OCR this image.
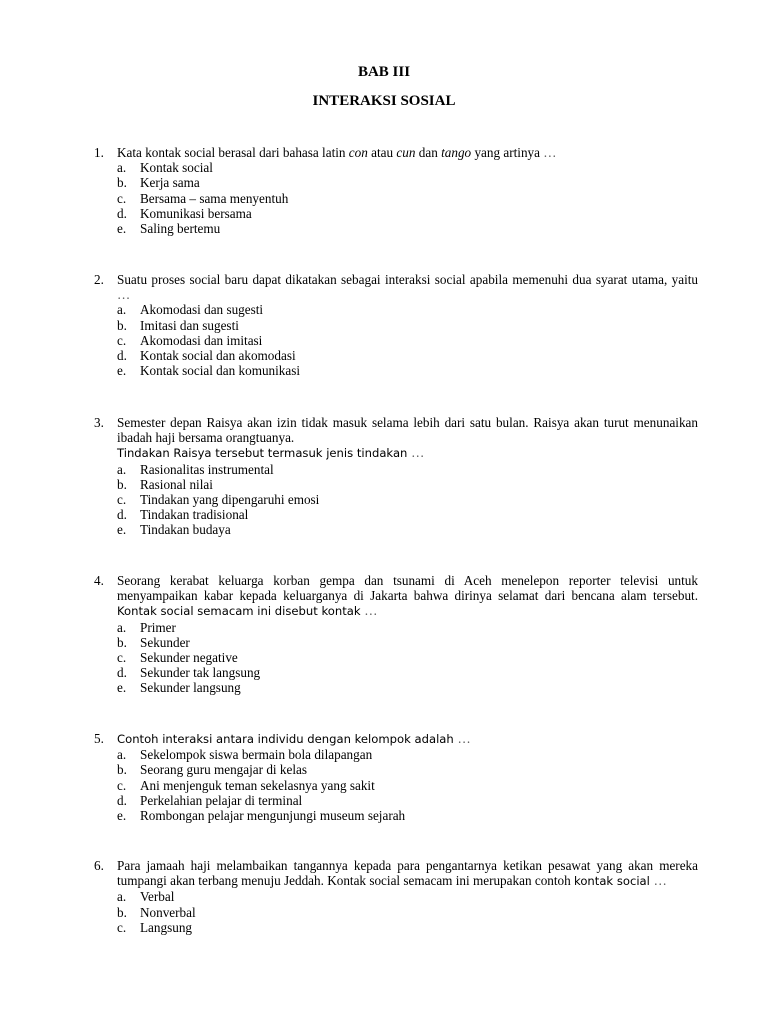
BAB III
INTERAKSI SOSIAL
1. Kata kontak social berasal dari bahasa latin con atau cun dan tango yang artinya …

a.	Kontak social
b. Kerja sama
c.	Bersama – sama menyentuh
d. Komunikasi bersama
e.	Saling bertemu
2. Suatu proses social baru dapat dikatakan sebagai interaksi social apabila memenuhi dua syarat utama, yaitu …

a.	Akomodasi dan sugesti
b. Imitasi dan sugesti
c.	Akomodasi dan imitasi
d. Kontak social dan akomodasi
e.	Kontak social dan komunikasi
3. Semester depan Raisya akan izin tidak masuk selama lebih dari satu bulan. Raisya akan turut menunaikan ibadah haji bersama orangtuanya.
Tindakan Raisya tersebut termasuk jenis tindakan …
a.	Rasionalitas instrumental
b. Rasional nilai
c.	Tindakan yang dipengaruhi emosi
d. Tindakan tradisional
e.	Tindakan budaya
4. Seorang kerabat keluarga korban gempa dan tsunami di Aceh menelepon reporter televisi untuk menyampaikan kabar kepada keluarganya di Jakarta bahwa dirinya selamat dari bencana alam tersebut. Kontak social semacam ini disebut kontak …

a.	Primer
b. Sekunder
c.	Sekunder negative
d. Sekunder tak langsung
e.	Sekunder langsung
5.	Contoh interaksi antara individu dengan kelompok adalah …

a.	Sekelompok siswa bermain bola dilapangan
b. Seorang guru mengajar di kelas
c.	Ani menjenguk teman sekelasnya yang sakit
d. Perkelahian pelajar di terminal
e.	Rombongan pelajar mengunjungi museum sejarah
6. Para jamaah haji melambaikan tangannya kepada para pengantarnya ketikan pesawat yang akan mereka tumpangi akan terbang menuju Jeddah. Kontak social semacam ini merupakan contoh kontak social …

a.	Verbal
b. Nonverbal
c.	Langsung
